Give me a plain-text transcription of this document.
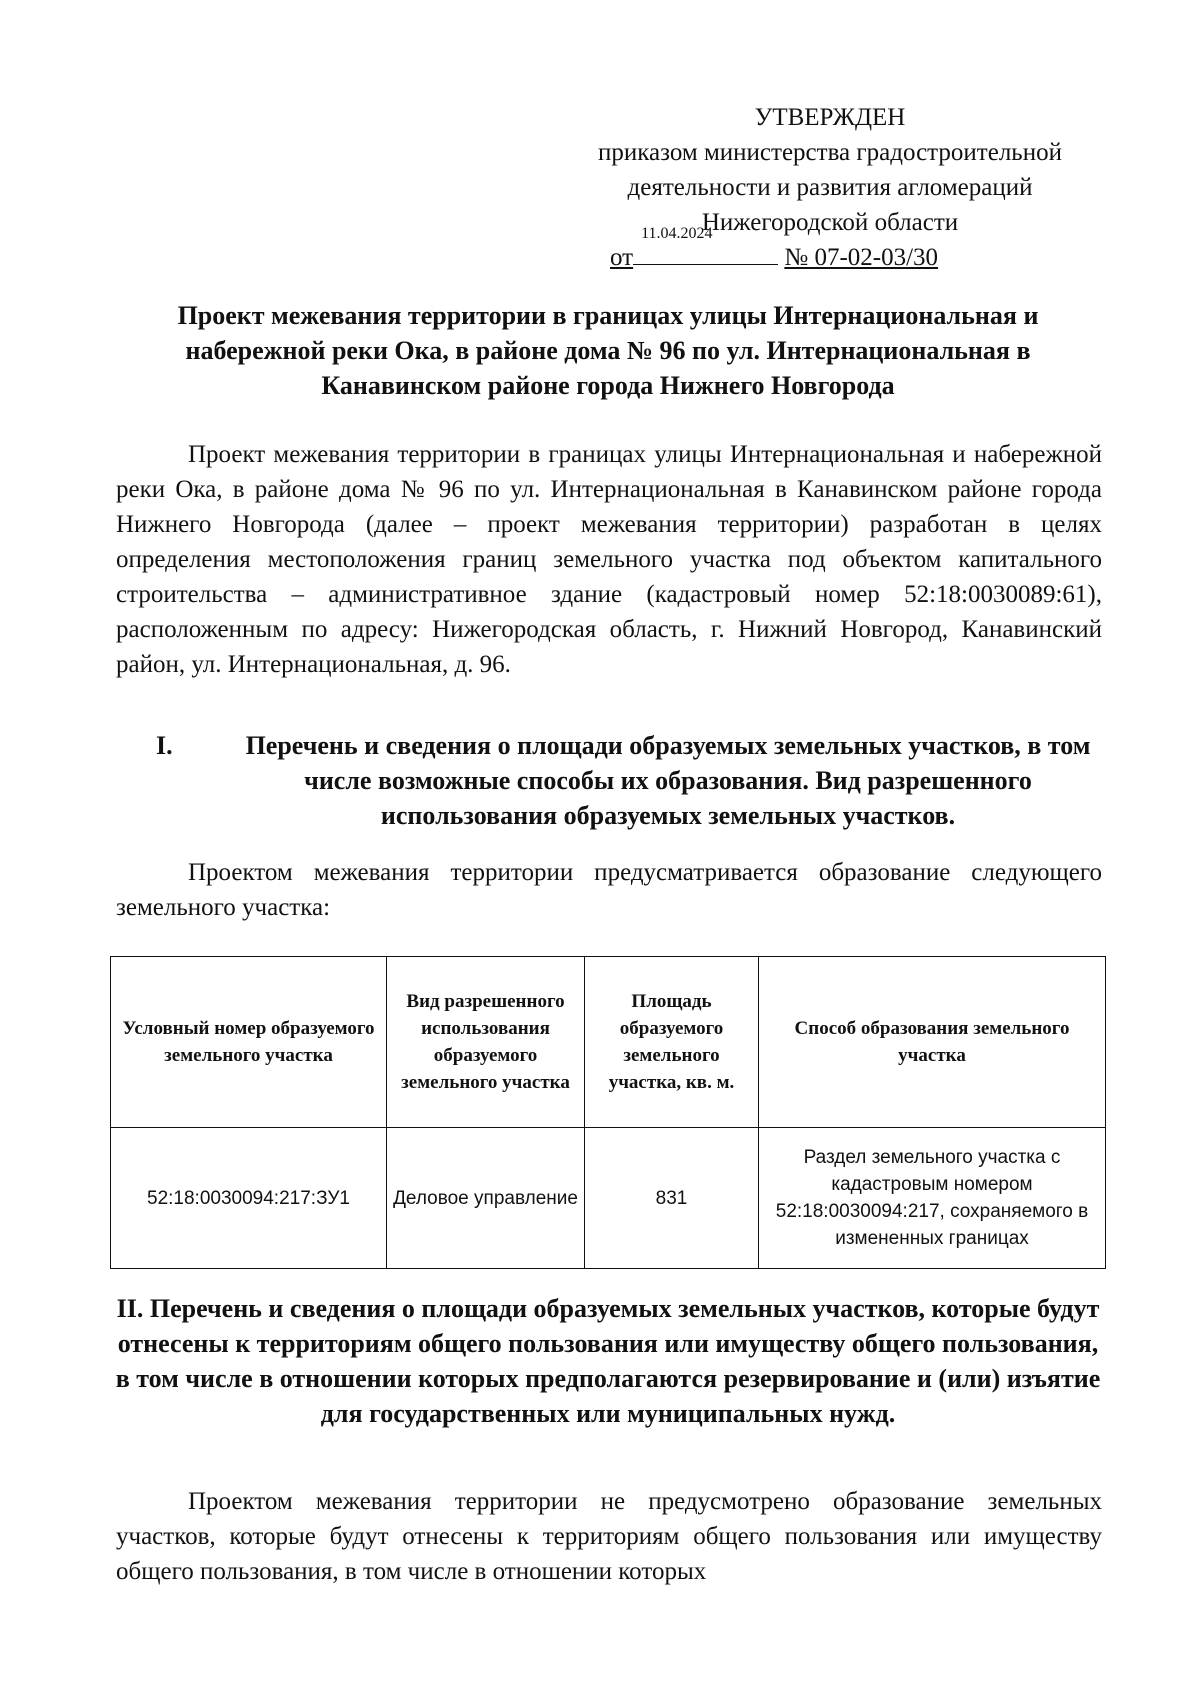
УТВЕРЖДЕН
приказом министерства градостроительной
деятельности и развития агломераций
Нижегородской области
от
11.04.2024
№ 07-02-03/30
Проект межевания территории в границах улицы Интернациональная и набережной реки Ока, в районе дома № 96 по ул. Интернациональная в Канавинском районе города Нижнего Новгорода
Проект межевания территории в границах улицы Интернациональная и набережной реки Ока, в районе дома № 96 по ул. Интернациональная в Канавинском районе города Нижнего Новгорода (далее – проект межевания территории) разработан в целях определения местоположения границ земельного участка под объектом капитального строительства – административное здание (кадастровый номер 52:18:0030089:61), расположенным по адресу: Нижегородская область, г. Нижний Новгород, Канавинский район, ул. Интернациональная, д. 96.
I.	Перечень и сведения о площади образуемых земельных участков, в том числе возможные способы их образования. Вид разрешенного использования образуемых земельных участков.
Проектом межевания территории предусматривается образование следующего земельного участка:
Условный номер образуемого земельного участка	Вид разрешенного использования образуемого земельного участка	Площадь образуемого земельного участка, кв. м.	Способ образования земельного участка
52:18:0030094:217:ЗУ1	Деловое управление	831	Раздел земельного участка с кадастровым номером 52:18:0030094:217, сохраняемого в измененных границах
II. Перечень и сведения о площади образуемых земельных участков, которые будут отнесены к территориям общего пользования или имуществу общего пользования, в том числе в отношении которых предполагаются резервирование и (или) изъятие для государственных или муниципальных нужд.
Проектом межевания территории не предусмотрено образование земельных участков, которые будут отнесены к территориям общего пользования или имуществу общего пользования, в том числе в отношении которых
